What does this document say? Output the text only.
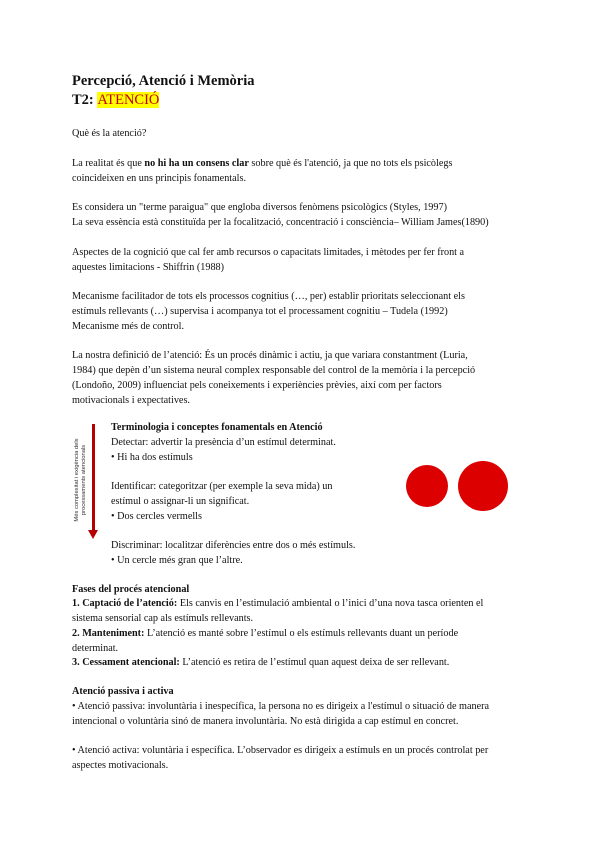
Percepció, Atenció i Memòria
T2: ATENCIÓ
Què és la atenció?
La realitat és que no hi ha un consens clar sobre què és l'atenció, ja que no tots els psicòlegs
coincideixen en uns principis fonamentals.
Es considera un "terme paraigua" que engloba diversos fenòmens psicològics (Styles, 1997)
La seva essència està constituïda per la focalització, concentració i consciència– William James(1890)
Aspectes de la cognició que cal fer amb recursos o capacitats limitades, i mètodes per fer front a
aquestes limitacions - Shiffrin (1988)
Mecanisme facilitador de tots els processos cognitius (…, per) establir prioritats seleccionant els
estímuls rellevants (…) supervisa i acompanya tot el processament cognitiu – Tudela (1992)
Mecanisme més de control.
La nostra definició de l’atenció: És un procés dinàmic i actiu, ja que variara constantment (Luria,
1984) que depèn d’un sistema neural complex responsable del control de la memòria i la percepció
(Londoño, 2009) influenciat pels coneixements i experiències prèvies, així com per factors
motivacionals i expectatives.
Més complexitat i exigència dels processaments atencionals
Terminologia i conceptes fonamentals en Atenció
Detectar: advertir la presència d’un estímul determinat.
• Hi ha dos estímuls
Identificar: categoritzar (per exemple la seva mida) un
estímul o assignar-li un significat.
• Dos cercles vermells
Discriminar: localitzar diferències entre dos o més estímuls.
• Un cercle més gran que l’altre.
Fases del procés atencional
1. Captació de l’atenció: Els canvis en l’estimulació ambiental o l’inici d’una nova tasca orienten el
sistema sensorial cap als estímuls rellevants.
2. Manteniment: L’atenció es manté sobre l’estímul o els estímuls rellevants duant un període
determinat.
3. Cessament atencional: L’atenció es retira de l’estímul quan aquest deixa de ser rellevant.
Atenció passiva i activa
• Atenció passiva: involuntària i inespecífica, la persona no es dirigeix a l'estímul o situació de manera
intencional o voluntària sinó de manera involuntària. No està dirigida a cap estímul en concret.
• Atenció activa: voluntària i específica. L’observador es dirigeix a estímuls en un procés controlat per
aspectes motivacionals.
